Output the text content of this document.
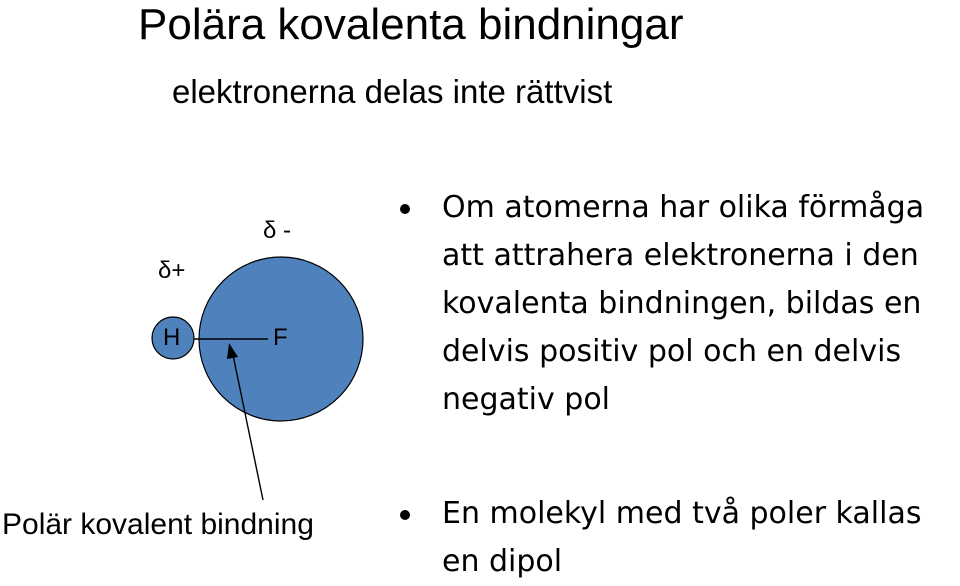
Polära kovalenta bindningar
elektronerna delas inte rättvist
δ+
δ -
H	F
Polär kovalent bindning
Om atomerna har olika förmåga
att attrahera elektronerna i den
kovalenta bindningen, bildas en
delvis positiv pol och en delvis
negativ pol
En molekyl med två poler kallas
en dipol
